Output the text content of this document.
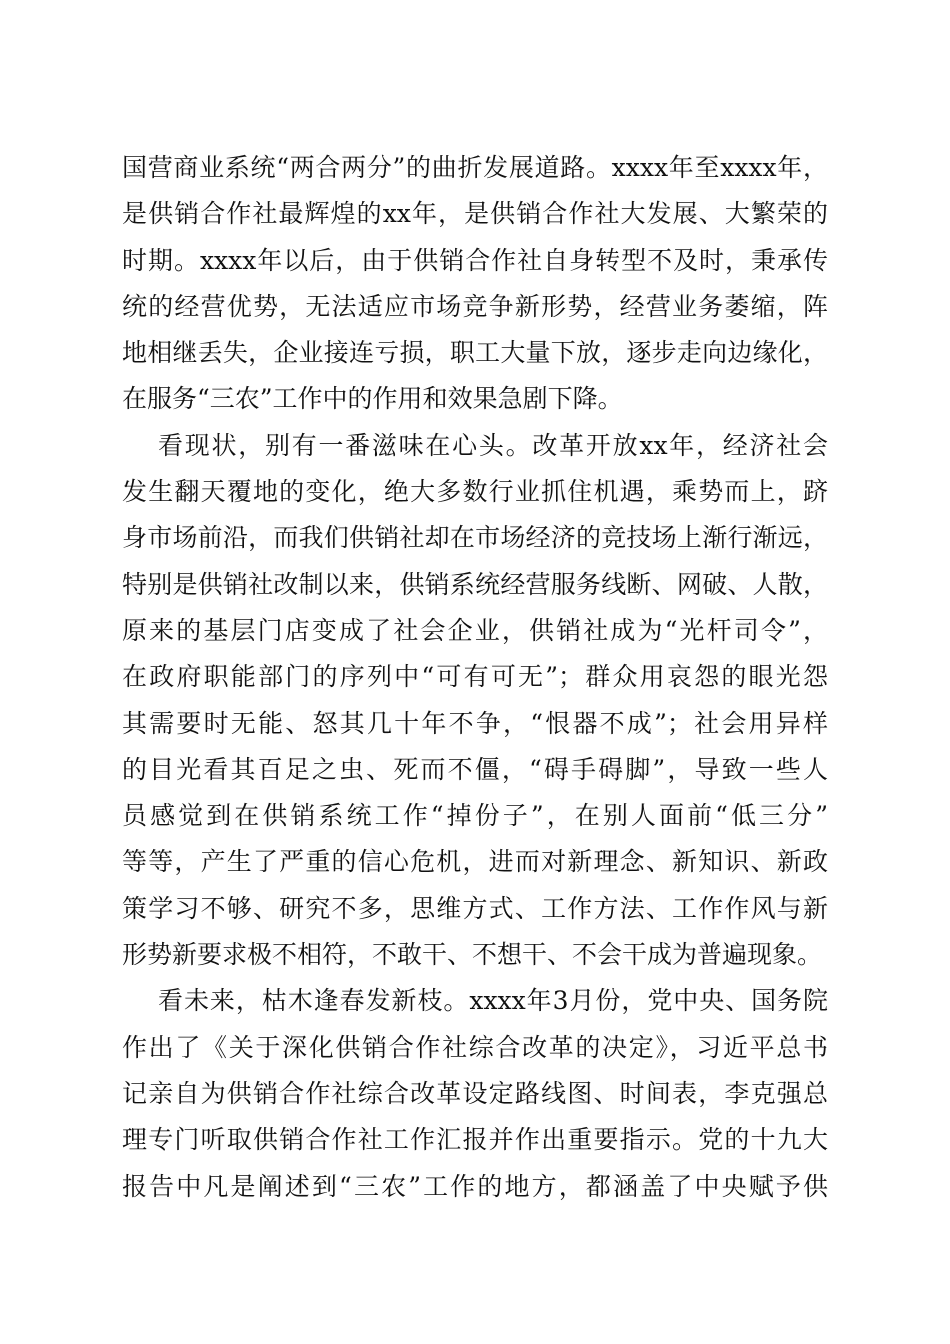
国营商业系统“两合两分”的曲折发展道路。xxxx年至xxxx年，
是供销合作社最辉煌的xx年，是供销合作社大发展、大繁荣的
时期。xxxx年以后，由于供销合作社自身转型不及时，秉承传
统的经营优势，无法适应市场竞争新形势，经营业务萎缩，阵
地相继丢失，企业接连亏损，职工大量下放，逐步走向边缘化，
在服务“三农”工作中的作用和效果急剧下降。
看现状，别有一番滋味在心头。改革开放xx年，经济社会
发生翻天覆地的变化，绝大多数行业抓住机遇，乘势而上，跻
身市场前沿，而我们供销社却在市场经济的竞技场上渐行渐远，
特别是供销社改制以来，供销系统经营服务线断、网破、人散，
原来的基层门店变成了社会企业，供销社成为“光杆司令”，
在政府职能部门的序列中“可有可无”；群众用哀怨的眼光怨
其需要时无能、怒其几十年不争，“恨器不成”；社会用异样
的目光看其百足之虫、死而不僵，“碍手碍脚”，导致一些人
员感觉到在供销系统工作“掉份子”，在别人面前“低三分”
等等，产生了严重的信心危机，进而对新理念、新知识、新政
策学习不够、研究不多，思维方式、工作方法、工作作风与新
形势新要求极不相符，不敢干、不想干、不会干成为普遍现象。
看未来，枯木逢春发新枝。xxxx年3月份，党中央、国务院
作出了《关于深化供销合作社综合改革的决定》，习近平总书
记亲自为供销合作社综合改革设定路线图、时间表，李克强总
理专门听取供销合作社工作汇报并作出重要指示。党的十九大
报告中凡是阐述到“三农”工作的地方，都涵盖了中央赋予供
